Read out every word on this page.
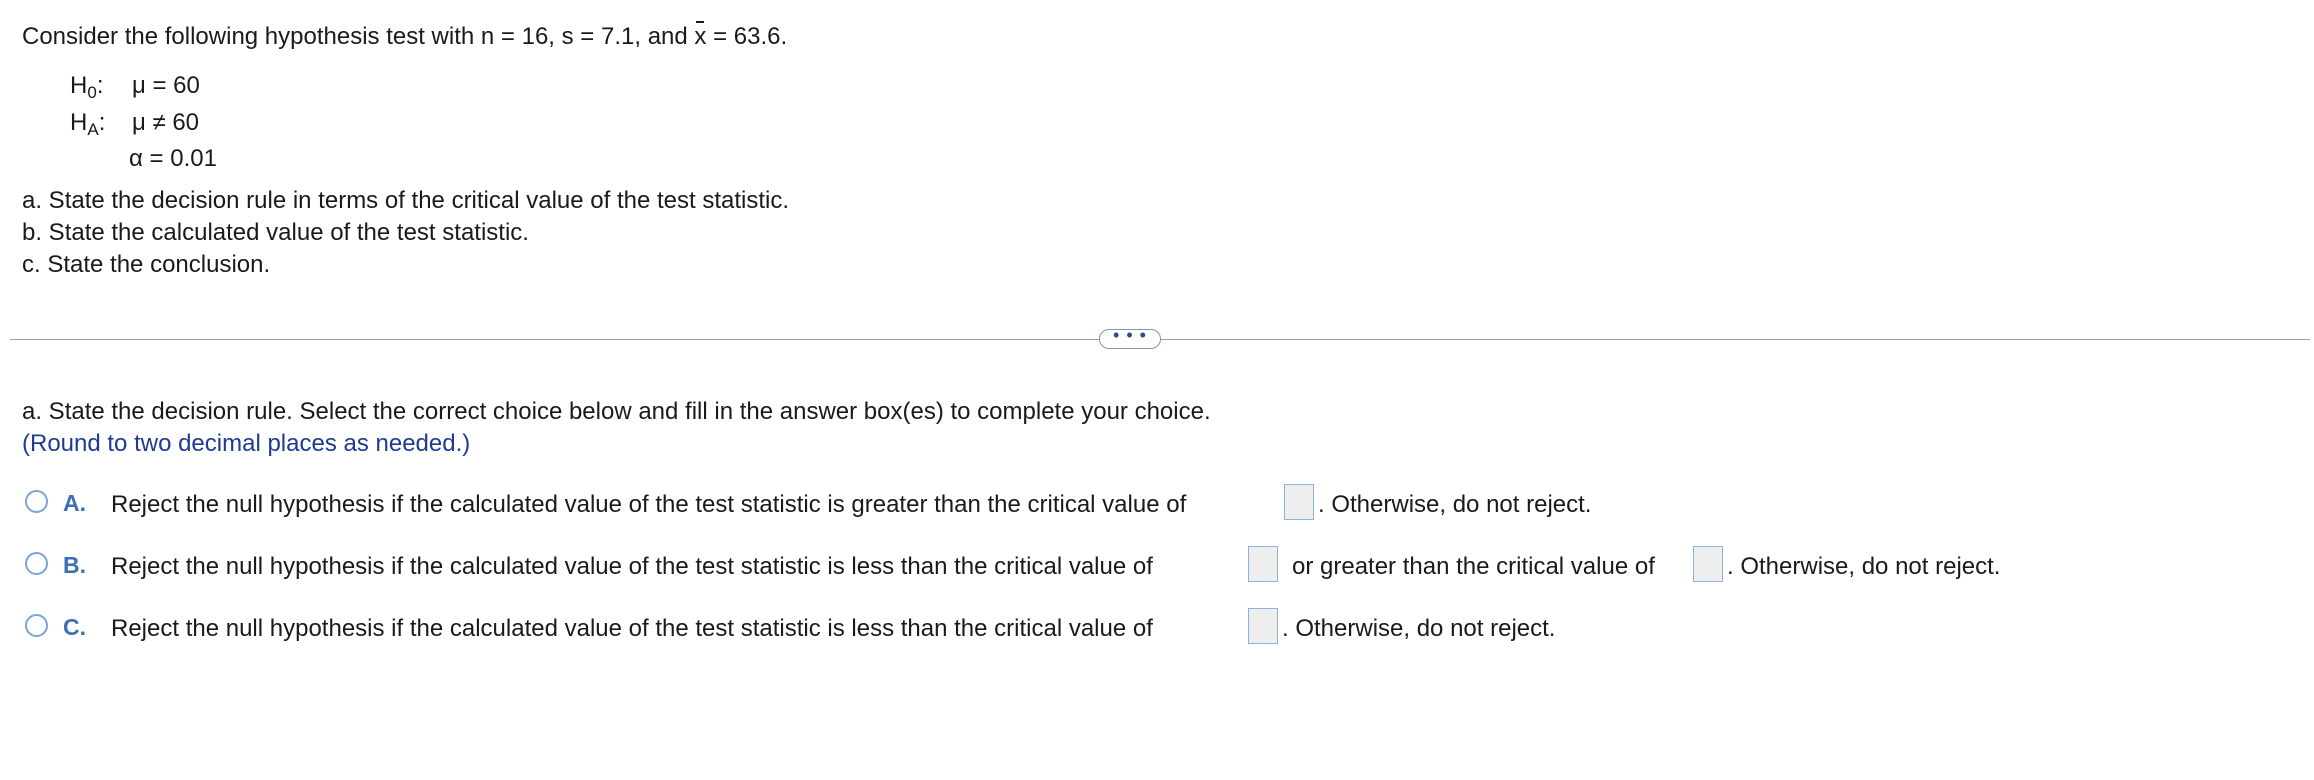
Consider the following hypothesis test with n = 16, s = 7.1, and x = 63.6.
$H_0$: μ = 60
$H_A$: μ ≠ 60
α = 0.01
a. State the decision rule in terms of the critical value of the test statistic.
b. State the calculated value of the test statistic.
c. State the conclusion.
• • •
a. State the decision rule. Select the correct choice below and fill in the answer box(es) to complete your choice.
(Round to two decimal places as needed.)
A. Reject the null hypothesis if the calculated value of the test statistic is greater than the critical value of	. Otherwise, do not reject.
B. Reject the null hypothesis if the calculated value of the test statistic is less than the critical value of	or greater than the critical value of	. Otherwise, do not reject.
C. Reject the null hypothesis if the calculated value of the test statistic is less than the critical value of	. Otherwise, do not reject.
